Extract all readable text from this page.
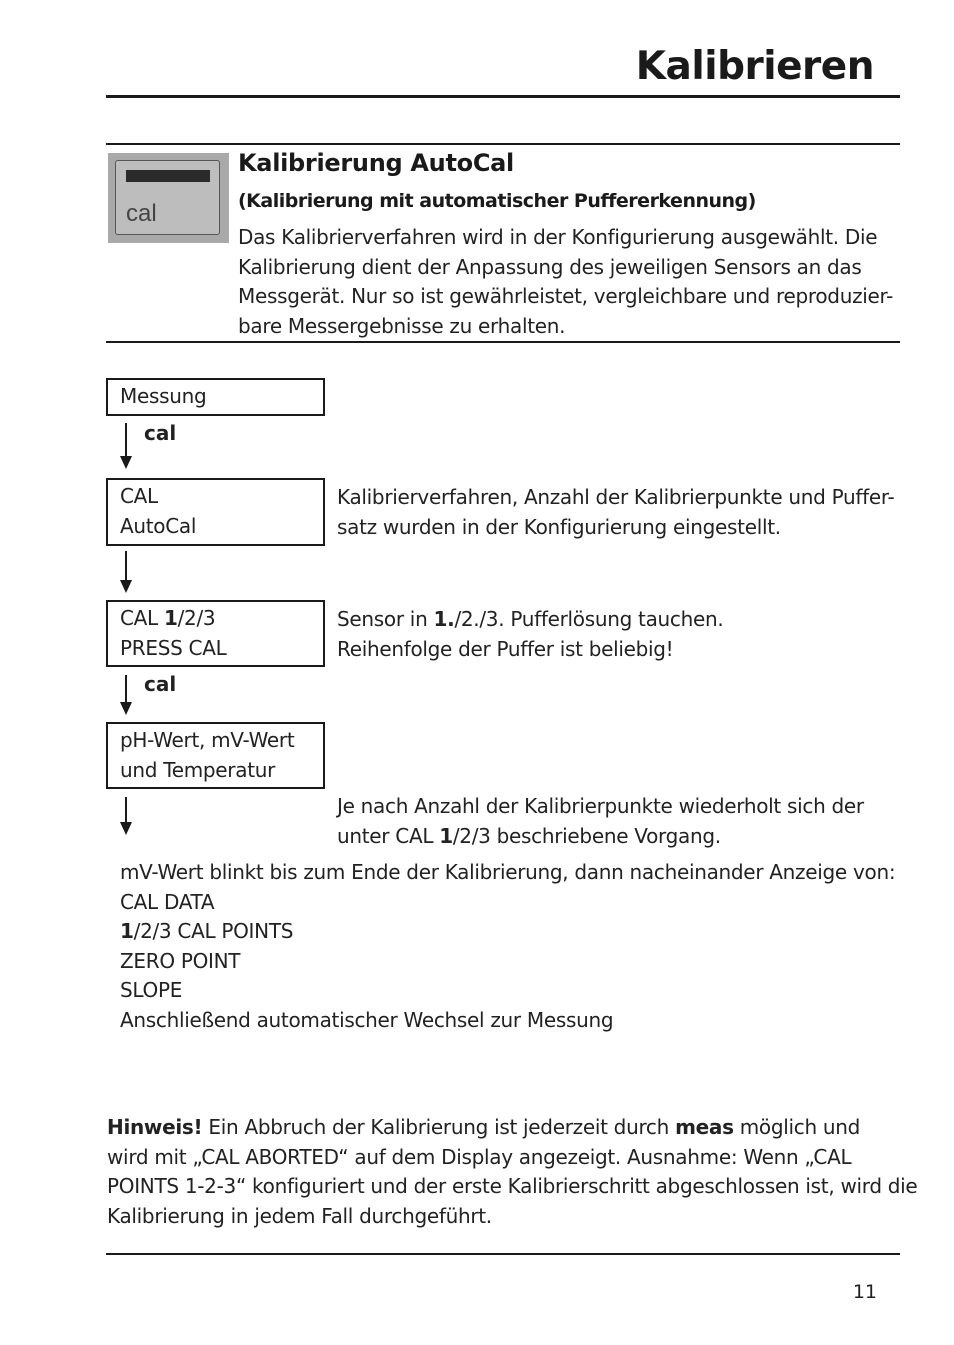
Kalibrieren
cal
Kalibrierung AutoCal
(Kalibrierung mit automatischer Puffererkennung)
Das Kalibrierverfahren wird in der Konfigurierung ausgewählt. Die
Kalibrierung dient der Anpassung des jeweiligen Sensors an das
Messgerät. Nur so ist gewährleistet, vergleichbare und reproduzier-
bare Messergebnisse zu erhalten.
Messung
cal
CAL
AutoCal
Kalibrierverfahren, Anzahl der Kalibrierpunkte und Puffer-
satz wurden in der Konfigurierung eingestellt.
CAL 1/2/3
PRESS CAL
Sensor in 1./2./3. Pufferlösung tauchen.
Reihenfolge der Puffer ist beliebig!
cal
pH-Wert, mV-Wert
und Temperatur
Je nach Anzahl der Kalibrierpunkte wiederholt sich der
unter CAL 1/2/3 beschriebene Vorgang.
mV-Wert blinkt bis zum Ende der Kalibrierung, dann nacheinander Anzeige von:
CAL DATA
1/2/3 CAL POINTS
ZERO POINT
SLOPE
Anschließend automatischer Wechsel zur Messung
Hinweis! Ein Abbruch der Kalibrierung ist jederzeit durch meas möglich und
wird mit „CAL ABORTED“ auf dem Display angezeigt. Ausnahme: Wenn „CAL
POINTS 1-2-3“ konfiguriert und der erste Kalibrierschritt abgeschlossen ist, wird die
Kalibrierung in jedem Fall durchgeführt.
11
